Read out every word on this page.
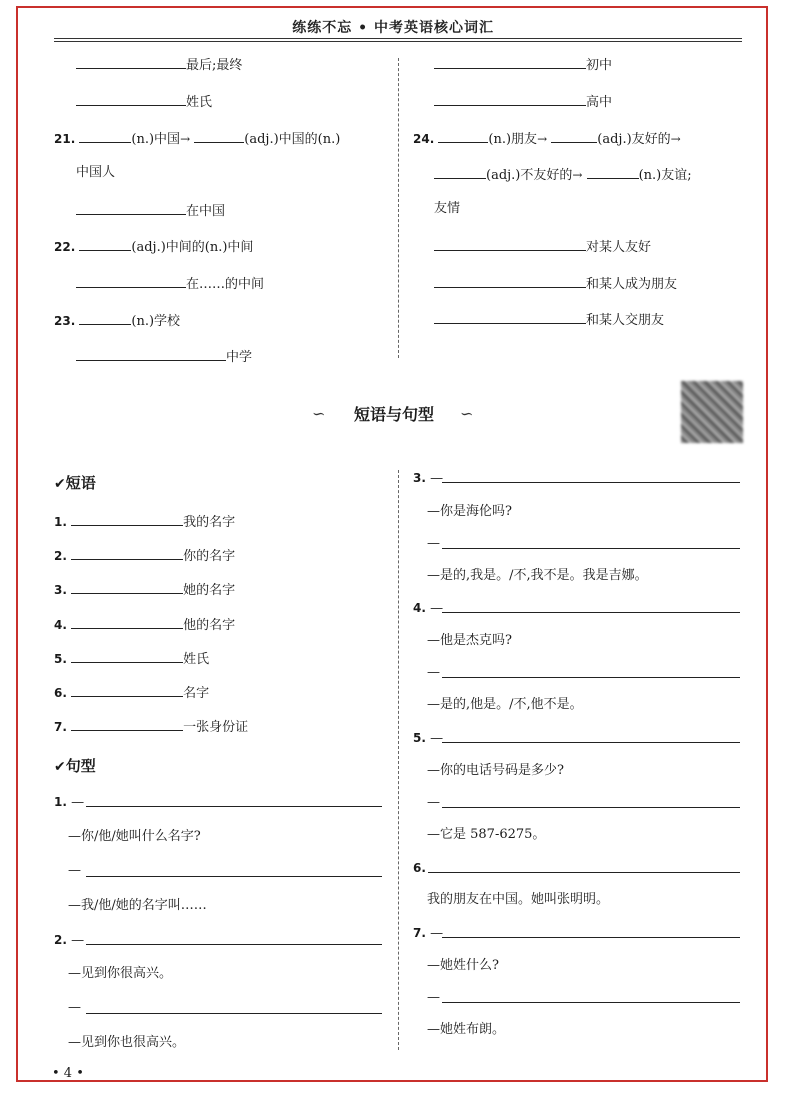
练练不忘 • 中考英语核心词汇
最后;最终
姓氏
21.	(n.)中国→	(adj.)中国的(n.)
中国人
在中国
22.	(adj.)中间的(n.)中间
在……的中间
23.	(n.)学校
中学
初中
高中
24.	(n.)朋友→	(adj.)友好的→
(adj.)不友好的→	(n.)友谊;
友情
对某人友好
和某人成为朋友
和某人交朋友
∽ 短语与句型 ∽
✔短语
1.	我的名字
2.	你的名字
3.	她的名字
4.	他的名字
5.	姓氏
6.	名字
7.	一张身份证
✔句型
1. —
—你/他/她叫什么名字?
—
—我/他/她的名字叫……
2. —
—见到你很高兴。
—
—见到你也很高兴。
3. —
—你是海伦吗?
—
—是的,我是。/不,我不是。我是吉娜。
4. —
—他是杰克吗?
—
—是的,他是。/不,他不是。
5. —
—你的电话号码是多少?
—
—它是 587-6275。
6.
我的朋友在中国。她叫张明明。
7. —
—她姓什么?
—
—她姓布朗。
• 4 •
